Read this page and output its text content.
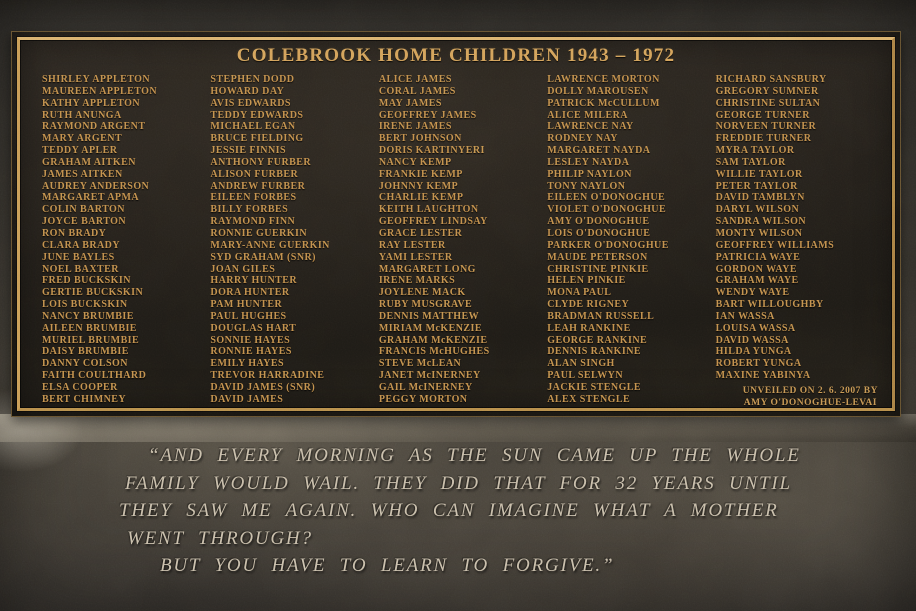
COLEBROOK HOME CHILDREN 1943 – 1972
SHIRLEY APPLETON
MAUREEN APPLETON
KATHY APPLETON
RUTH ANUNGA
RAYMOND ARGENT
MARY ARGENT
TEDDY APLER
GRAHAM AITKEN
JAMES AITKEN
AUDREY ANDERSON
MARGARET APMA
COLIN BARTON
JOYCE BARTON
RON BRADY
CLARA BRADY
JUNE BAYLES
NOEL BAXTER
FRED BUCKSKIN
GERTIE BUCKSKIN
LOIS BUCKSKIN
NANCY BRUMBIE
AILEEN BRUMBIE
MURIEL BRUMBIE
DAISY BRUMBIE
DANNY COLSON
FAITH COULTHARD
ELSA COOPER
BERT CHIMNEY
STEPHEN DODD
HOWARD DAY
AVIS EDWARDS
TEDDY EDWARDS
MICHAEL EGAN
BRUCE FIELDING
JESSIE FINNIS
ANTHONY FURBER
ALISON FURBER
ANDREW FURBER
EILEEN FORBES
BILLY FORBES
RAYMOND FINN
RONNIE GUERKIN
MARY-ANNE GUERKIN
SYD GRAHAM (SNR)
JOAN GILES
HARRY HUNTER
DORA HUNTER
PAM HUNTER
PAUL HUGHES
DOUGLAS HART
SONNIE HAYES
RONNIE HAYES
EMILY HAYES
TREVOR HARRADINE
DAVID JAMES (SNR)
DAVID JAMES
ALICE JAMES
CORAL JAMES
MAY JAMES
GEOFFREY JAMES
IRENE JAMES
BERT JOHNSON
DORIS KARTINYERI
NANCY KEMP
FRANKIE KEMP
JOHNNY KEMP
CHARLIE KEMP
KEITH LAUGHTON
GEOFFREY LINDSAY
GRACE LESTER
RAY LESTER
YAMI LESTER
MARGARET LONG
IRENE MARKS
JOYLENE MACK
RUBY MUSGRAVE
DENNIS MATTHEW
MIRIAM McKENZIE
GRAHAM McKENZIE
FRANCIS McHUGHES
STEVE McLEAN
JANET McINERNEY
GAIL McINERNEY
PEGGY MORTON
LAWRENCE MORTON
DOLLY MAROUSEN
PATRICK McCULLUM
ALICE MILERA
LAWRENCE NAY
RODNEY NAY
MARGARET NAYDA
LESLEY NAYDA
PHILIP NAYLON
TONY NAYLON
EILEEN O'DONOGHUE
VIOLET O'DONOGHUE
AMY O'DONOGHUE
LOIS O'DONOGHUE
PARKER O'DONOGHUE
MAUDE PETERSON
CHRISTINE PINKIE
HELEN PINKIE
MONA PAUL
CLYDE RIGNEY
BRADMAN RUSSELL
LEAH RANKINE
GEORGE RANKINE
DENNIS RANKINE
ALAN SINGH
PAUL SELWYN
JACKIE STENGLE
ALEX STENGLE
RICHARD SANSBURY
GREGORY SUMNER
CHRISTINE SULTAN
GEORGE TURNER
NORVEEN TURNER
FREDDIE TURNER
MYRA TAYLOR
SAM TAYLOR
WILLIE TAYLOR
PETER TAYLOR
DAVID TAMBLYN
DARYL WILSON
SANDRA WILSON
MONTY WILSON
GEOFFREY WILLIAMS
PATRICIA WAYE
GORDON WAYE
GRAHAM WAYE
WENDY WAYE
BART WILLOUGHBY
IAN WASSA
LOUISA WASSA
DAVID WASSA
HILDA YUNGA
ROBERT YUNGA
MAXINE YABINYA
UNVEILED ON 2. 6. 2007 BY
AMY O'DONOGHUE-LEVAI
“AND EVERY MORNING AS THE SUN CAME UP THE WHOLE
FAMILY WOULD WAIL. THEY DID THAT FOR 32 YEARS UNTIL
THEY SAW ME AGAIN. WHO CAN IMAGINE WHAT A MOTHER
WENT THROUGH?
BUT YOU HAVE TO LEARN TO FORGIVE.”
